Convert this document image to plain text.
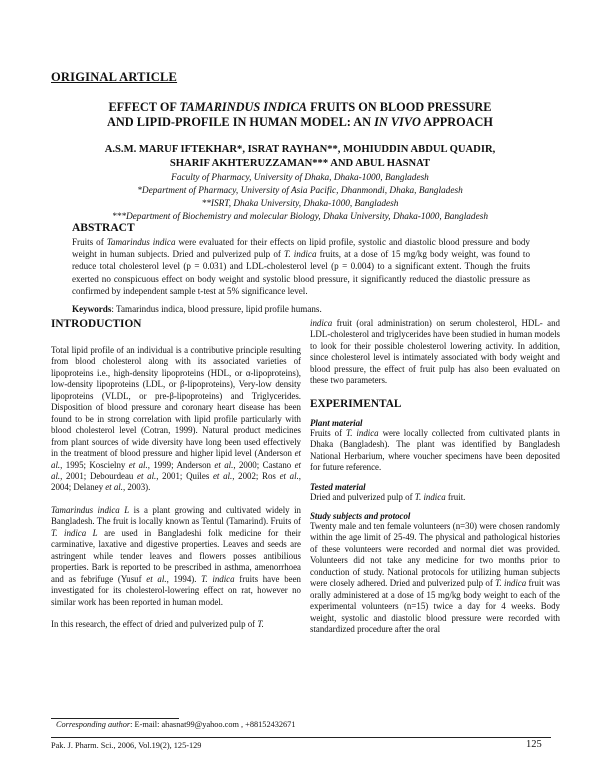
ORIGINAL ARTICLE

EFFECT OF TAMARINDUS INDICA FRUITS ON BLOOD PRESSURE
AND LIPID-PROFILE IN HUMAN MODEL: AN IN VIVO APPROACH
A.S.M. MARUF IFTEKHAR*, ISRAT RAYHAN**, MOHIUDDIN ABDUL QUADIR,
SHARIF AKHTERUZZAMAN*** AND ABUL HASNAT
Faculty of Pharmacy, University of Dhaka, Dhaka-1000, Bangladesh
*Department of Pharmacy, University of Asia Pacific, Dhanmondi, Dhaka, Bangladesh
**ISRT, Dhaka University, Dhaka-1000, Bangladesh
***Department of Biochemistry and molecular Biology, Dhaka University, Dhaka-1000, Bangladesh
ABSTRACT

Fruits of Tamarindus indica were evaluated for their effects on lipid profile, systolic and diastolic blood pressure and body weight in human subjects. Dried and pulverized pulp of T. indica fruits, at a dose of 15 mg/kg body weight, was found to reduce total cholesterol level (p = 0.031) and LDL-cholesterol level (p = 0.004) to a significant extent. Though the fruits exerted no conspicuous effect on body weight and systolic blood pressure, it significantly reduced the diastolic pressure as confirmed by independent sample t-test at 5% significance level.

Keywords: Tamarindus indica, blood pressure, lipid profile humans.

INTRODUCTION

Total lipid profile of an individual is a contributive principle resulting from blood cholesterol along with its associated varieties of lipoproteins i.e., high-density lipoproteins (HDL, or α-lipoproteins), low-density lipoproteins (LDL, or β-lipoproteins), Very-low density lipoproteins (VLDL, or pre-β-lipoproteins) and Triglycerides. Disposition of blood pressure and coronary heart disease has been found to be in strong correlation with lipid profile particularly with blood cholesterol level (Cotran, 1999). Natural product medicines from plant sources of wide diversity have long been used effectively in the treatment of blood pressure and higher lipid level (Anderson et al., 1995; Koscielny et al., 1999; Anderson et al., 2000; Castano et al., 2001; Debourdeau et al., 2001; Quiles et al., 2002; Ros et al., 2004; Delaney et al., 2003).

Tamarindus indica L is a plant growing and cultivated widely in Bangladesh. The fruit is locally known as Tentul (Tamarind). Fruits of T. indica L are used in Bangladeshi folk medicine for their carminative, laxative and digestive properties. Leaves and seeds are astringent while tender leaves and flowers posses antibilious properties. Bark is reported to be prescribed in asthma, amenorrhoea and as febrifuge (Yusuf et al., 1994). T. indica fruits have been investigated for its cholesterol-lowering effect on rat, however no similar work has been reported in human model.

In this research, the effect of dried and pulverized pulp of T.

indica fruit (oral administration) on serum cholesterol, HDL- and LDL-cholesterol and triglycerides have been studied in human models to look for their possible cholesterol lowering activity. In addition, since cholesterol level is intimately associated with body weight and blood pressure, the effect of fruit pulp has also been evaluated on these two parameters.

EXPERIMENTAL

Plant material

Fruits of T. indica were locally collected from cultivated plants in Dhaka (Bangladesh). The plant was identified by Bangladesh National Herbarium, where voucher specimens have been deposited for future reference.

Tested material

Dried and pulverized pulp of T. indica fruit.

Study subjects and protocol

Twenty male and ten female volunteers (n=30) were chosen randomly within the age limit of 25-49. The physical and pathological histories of these volunteers were recorded and normal diet was provided. Volunteers did not take any medicine for two months prior to conduction of study. National protocols for utilizing human subjects were closely adhered. Dried and pulverized pulp of T. indica fruit was orally administered at a dose of 15 mg/kg body weight to each of the experimental volunteers (n=15) twice a day for 4 weeks. Body weight, systolic and diastolic blood pressure were recorded with standardized procedure after the oral

Corresponding author: E-mail: ahasnat99@yahoo.com , +88152432671

Pak. J. Pharm. Sci., 2006, Vol.19(2), 125-129	125
